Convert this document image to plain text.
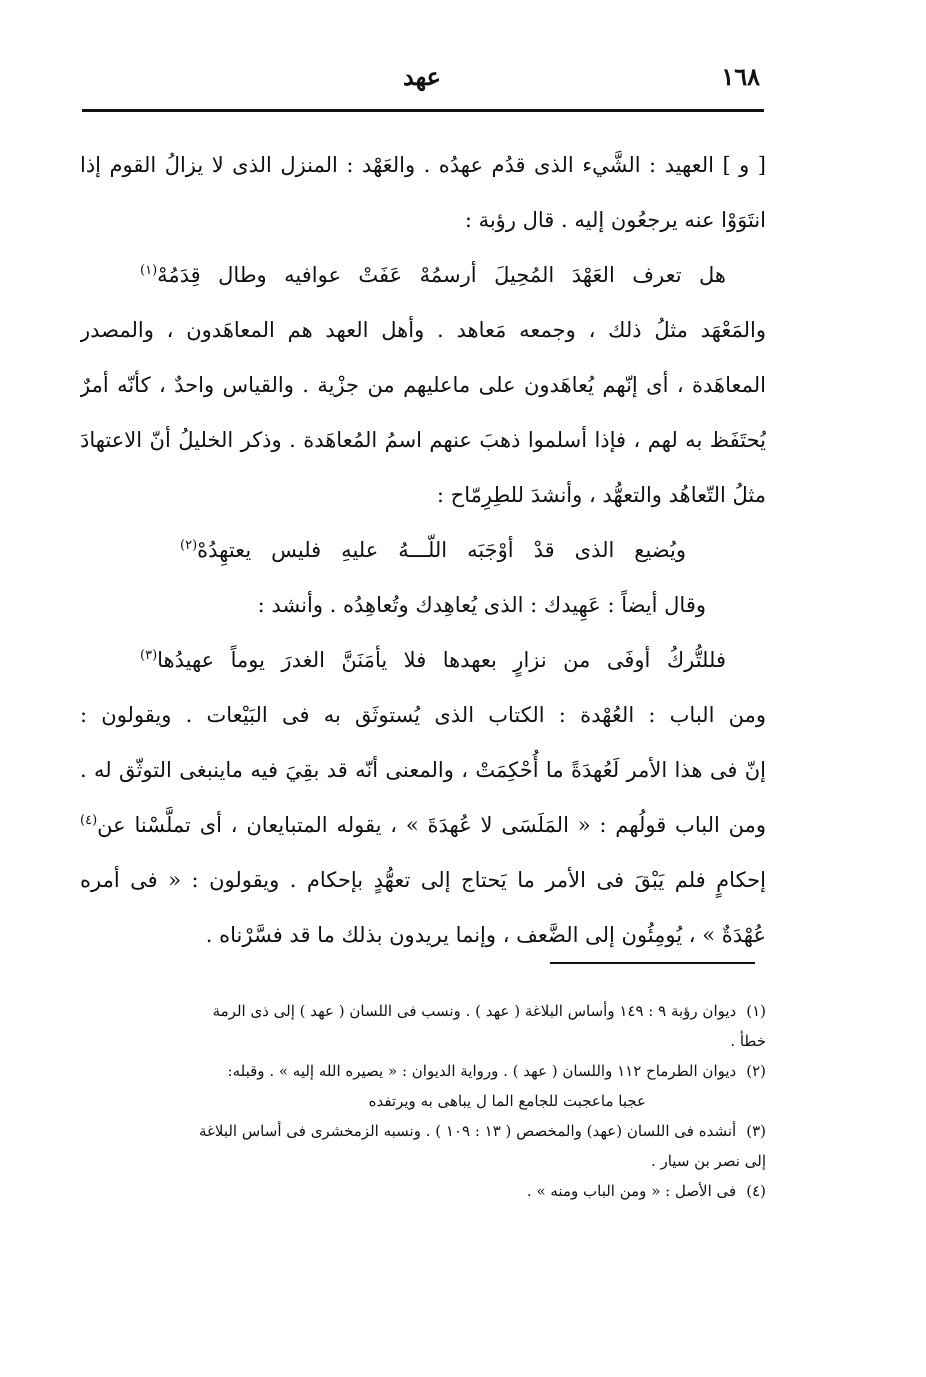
١٦٨
عهد
[ و ] العهيد : الشَّيء الذى قدُم عهدُه . والعَهْد : المنزل الذى لا يزالُ القوم إذا
انتَوَوْا عنه يرجعُون إليه . قال رؤبة :
هل تعرف العَهْدَ المُحِيلَ أرسمُهْ عَفَتْ عوافيه وطال قِدَمُهْ$^{(١)}$
والمَعْهَد مثلُ ذلك ، وجمعه مَعاهد . وأهل العهد هم المعاهَدون ، والمصدر
المعاهَدة ، أى إنّهم يُعاهَدون على ماعليهم من جزْية . والقياس واحدٌ ، كأنّه أمرٌ
يُحتَفَظ به لهم ، فإذا أسلموا ذهبَ عنهم اسمُ المُعاهَدة . وذكر الخليلُ أنّ الاعتهادَ
مثلُ التّعاهُد والتعهُّد ، وأنشدَ للطِرِمّاح :
ويُضيع الذى قدْ أوْجَبَه اللّـــهُ عليهِ فليس يعتهِدُهْ$^{(٢)}$
وقال أيضاً : عَهِيدك : الذى يُعاهِدك وتُعاهِدُه . وأنشد :
فللتُّركُ أوفَى من نزارٍ بعهدها فلا يأمَنَنَّ الغدرَ يوماً عهيدُها$^{(٣)}$
ومن الباب : العُهْدة : الكتاب الذى يُستوثَق به فى البَيْعات . ويقولون :
إنّ فى هذا الأمر لَعُهدَةً ما أُحْكِمَتْ ، والمعنى أنّه قد بقِيَ فيه ماينبغى التوثّق له .
ومن الباب قولُهم : « المَلَسَى لا عُهدَةَ » ، يقوله المتبايعان ، أى تملَّسْنا عن$^{(٤)}$
إحكامٍ فلم يَبْقَ فى الأمر ما يَحتاج إلى تعهُّدٍ بإحكام . ويقولون : « فى أمره
عُهْدَةٌ » ، يُومِئُون إلى الضَّعف ، وإنما يريدون بذلك ما قد فسَّرْناه .
(١)ديوان رؤبة ٩ : ١٤٩ وأساس البلاغة ( عهد ) . ونسب فى اللسان ( عهد ) إلى ذى الرمة
خطأ .
(٢)ديوان الطرماح ١١٢ واللسان ( عهد ) . ورواية الديوان : « يصيره الله إليه » . وقبله:
عجبا ماعجبت للجامع الما ل يباهى به ويرتفده
(٣)أنشده فى اللسان (عهد) والمخصص ( ١٣ : ١٠٩ ) . ونسبه الزمخشرى فى أساس البلاغة
إلى نصر بن سيار .
(٤)فى الأصل : « ومن الباب ومنه » .
